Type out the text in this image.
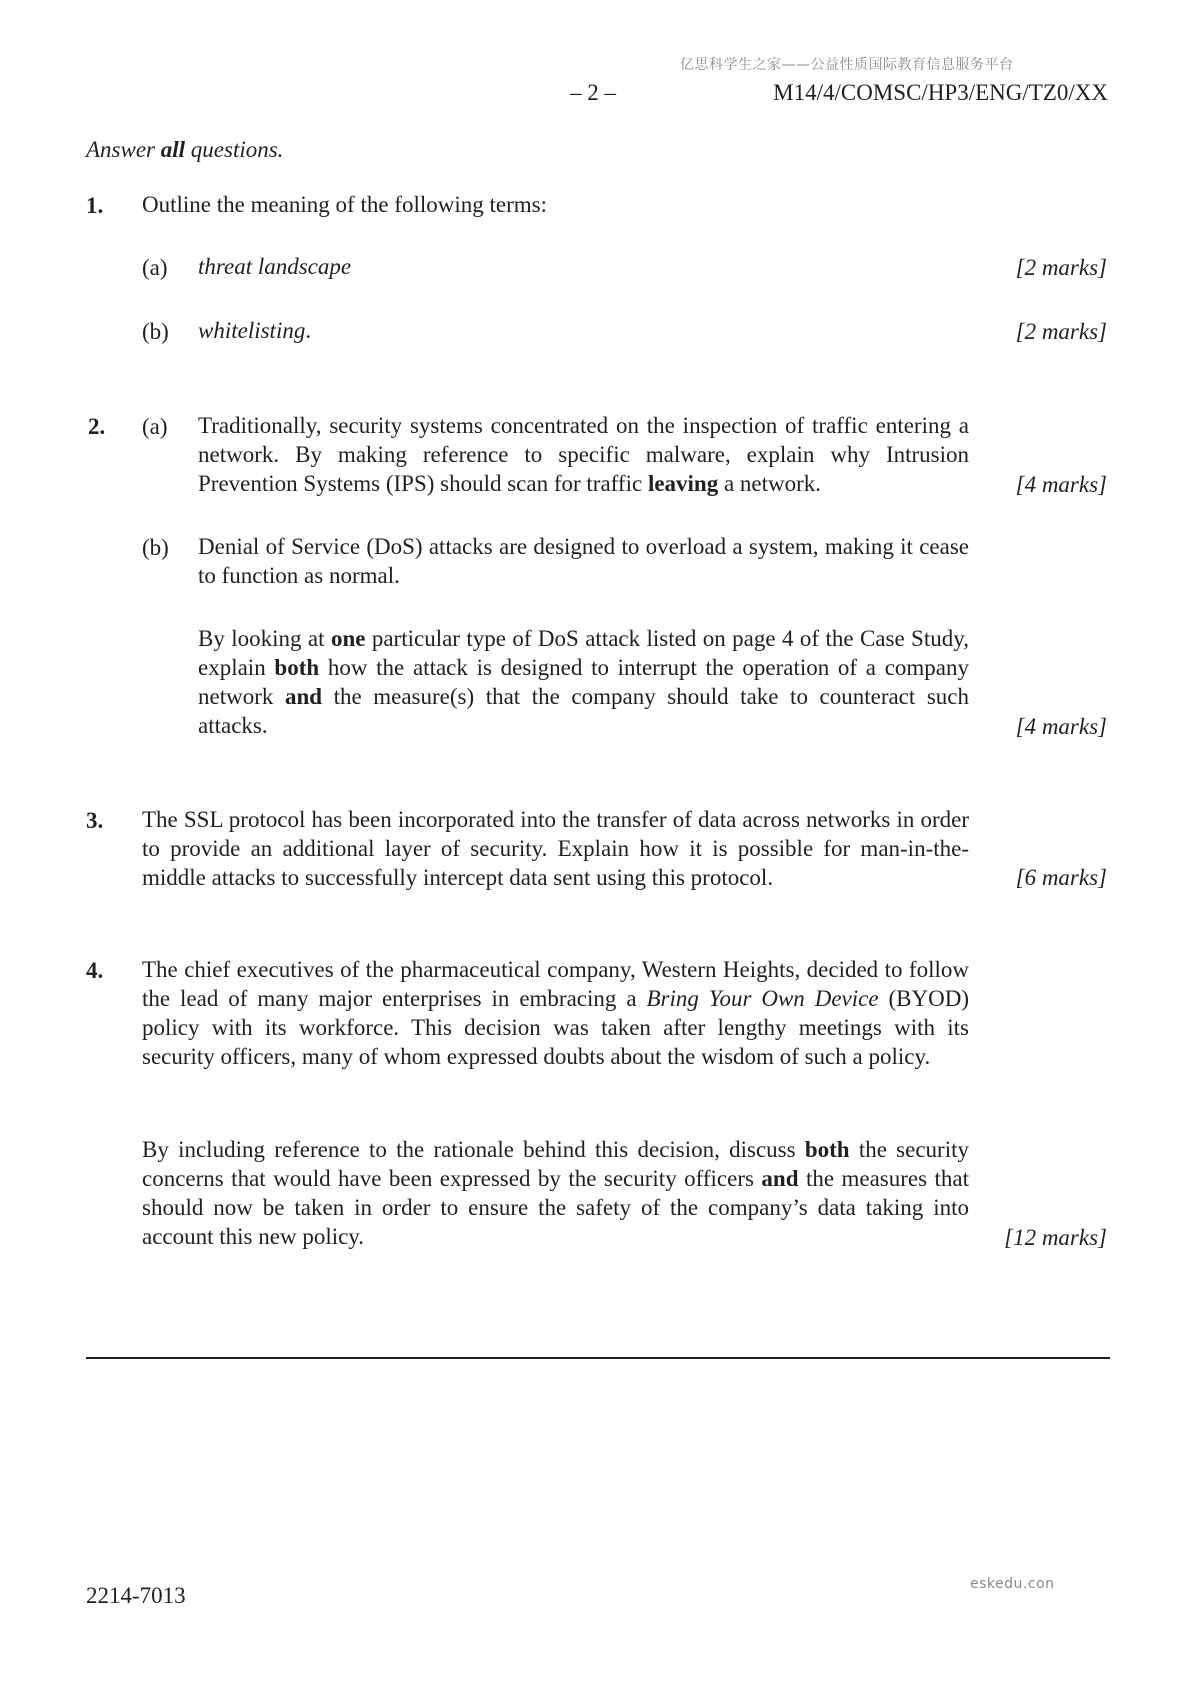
亿思科学生之家——公益性质国际教育信息服务平台
– 2 –	M14/4/COMSC/HP3/ENG/TZ0/XX
Answer all questions.
1. Outline the meaning of the following terms:
(a) threat landscape	[2 marks]
(b) whitelisting.	[2 marks]
2. (a) Traditionally, security systems concentrated on the inspection of traffic entering a network. By making reference to specific malware, explain why Intrusion Prevention Systems (IPS) should scan for traffic leaving a network.	[4 marks]
(b) Denial of Service (DoS) attacks are designed to overload a system, making it cease to function as normal.
By looking at one particular type of DoS attack listed on page 4 of the Case Study, explain both how the attack is designed to interrupt the operation of a company network and the measure(s) that the company should take to counteract such attacks.	[4 marks]
3. The SSL protocol has been incorporated into the transfer of data across networks in order to provide an additional layer of security. Explain how it is possible for man-in-the-middle attacks to successfully intercept data sent using this protocol.	[6 marks]
4. The chief executives of the pharmaceutical company, Western Heights, decided to follow the lead of many major enterprises in embracing a Bring Your Own Device (BYOD) policy with its workforce. This decision was taken after lengthy meetings with its security officers, many of whom expressed doubts about the wisdom of such a policy.
By including reference to the rationale behind this decision, discuss both the security concerns that would have been expressed by the security officers and the measures that should now be taken in order to ensure the safety of the company’s data taking into account this new policy.	[12 marks]
2214-7013	eskedu.con
